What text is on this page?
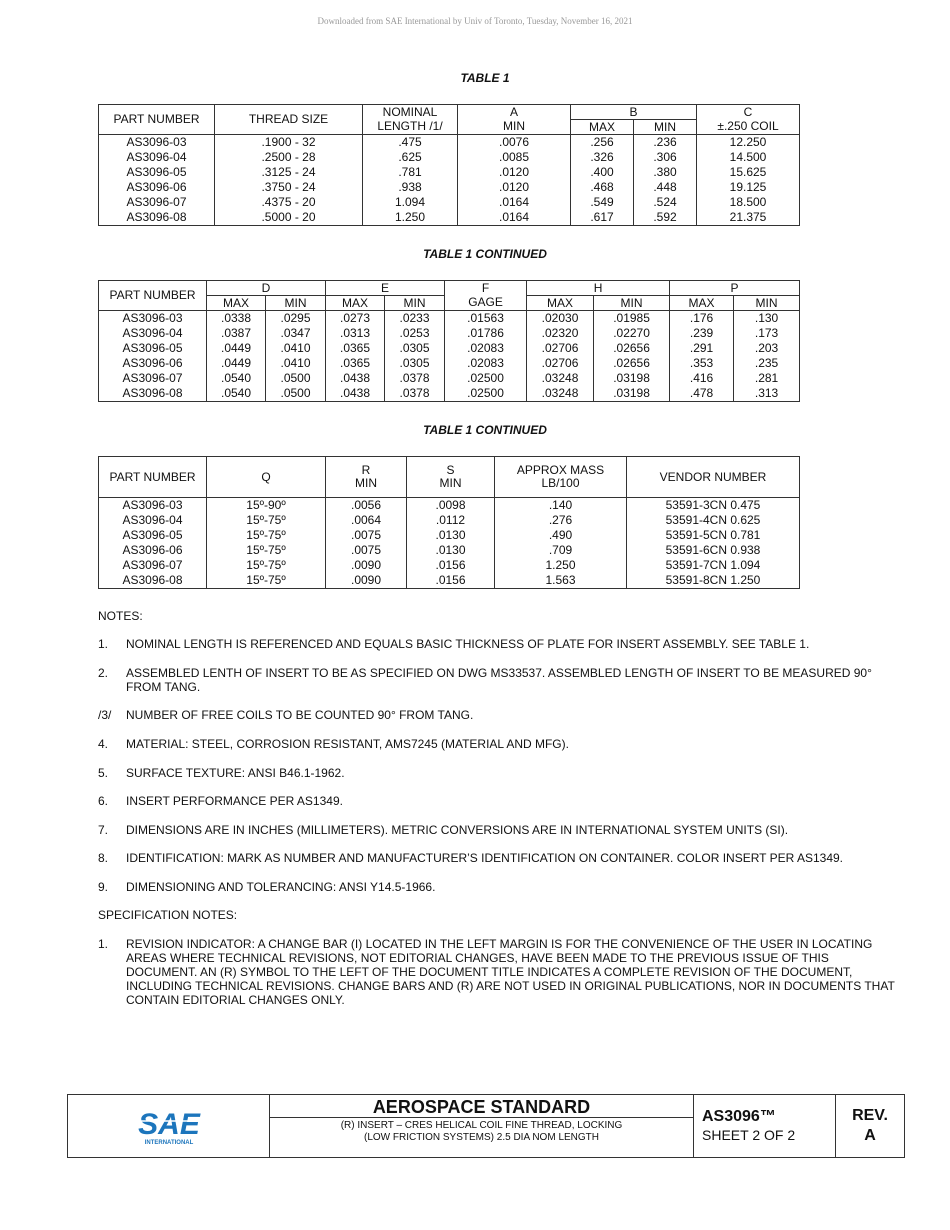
Downloaded from SAE International by Univ of Toronto, Tuesday, November 16, 2021
TABLE 1
PART NUMBER	THREAD SIZE	NOMINAL	A	B		C
		LENGTH /1/	MIN	MAX	MIN	±.250 COIL
AS3096-03	.1900 - 32	.475	.0076	.256	.236	12.250
AS3096-04	.2500 - 28	.625	.0085	.326	.306	14.500
AS3096-05	.3125 - 24	.781	.0120	.400	.380	15.625
AS3096-06	.3750 - 24	.938	.0120	.468	.448	19.125
AS3096-07	.4375 - 20	1.094	.0164	.549	.524	18.500
AS3096-08	.5000 - 20	1.250	.0164	.617	.592	21.375
TABLE 1 CONTINUED
PART NUMBER	D		E		F	H		P	
	MAX	MIN	MAX	MIN	GAGE	MAX	MIN	MAX	MIN
AS3096-03	.0338	.0295	.0273	.0233	.01563	.02030	.01985	.176	.130
AS3096-04	.0387	.0347	.0313	.0253	.01786	.02320	.02270	.239	.173
AS3096-05	.0449	.0410	.0365	.0305	.02083	.02706	.02656	.291	.203
AS3096-06	.0449	.0410	.0365	.0305	.02083	.02706	.02656	.353	.235
AS3096-07	.0540	.0500	.0438	.0378	.02500	.03248	.03198	.416	.281
AS3096-08	.0540	.0500	.0438	.0378	.02500	.03248	.03198	.478	.313
TABLE 1 CONTINUED
PART NUMBER	Q	R	S	APPROX MASS	VENDOR NUMBER
		MIN	MIN	LB/100	
AS3096-03	15º-90º	.0056	.0098	.140	53591-3CN 0.475
AS3096-04	15º-75º	.0064	.0112	.276	53591-4CN 0.625
AS3096-05	15º-75º	.0075	.0130	.490	53591-5CN 0.781
AS3096-06	15º-75º	.0075	.0130	.709	53591-6CN 0.938
AS3096-07	15º-75º	.0090	.0156	1.250	53591-7CN 1.094
AS3096-08	15º-75º	.0090	.0156	1.563	53591-8CN 1.250
NOTES:
1.	NOMINAL LENGTH IS REFERENCED AND EQUALS BASIC THICKNESS OF PLATE FOR INSERT ASSEMBLY. SEE TABLE 1.
2.	ASSEMBLED LENTH OF INSERT TO BE AS SPECIFIED ON DWG MS33537. ASSEMBLED LENGTH OF INSERT TO BE MEASURED 90° FROM TANG.
/3/	NUMBER OF FREE COILS TO BE COUNTED 90° FROM TANG.
4.	MATERIAL: STEEL, CORROSION RESISTANT, AMS7245 (MATERIAL AND MFG).
5.	SURFACE TEXTURE: ANSI B46.1-1962.
6.	INSERT PERFORMANCE PER AS1349.
7.	DIMENSIONS ARE IN INCHES (MILLIMETERS). METRIC CONVERSIONS ARE IN INTERNATIONAL SYSTEM UNITS (SI).
8.	IDENTIFICATION: MARK AS NUMBER AND MANUFACTURER’S IDENTIFICATION ON CONTAINER. COLOR INSERT PER AS1349.
9.	DIMENSIONING AND TOLERANCING: ANSI Y14.5-1966.
SPECIFICATION NOTES:
1.	REVISION INDICATOR: A CHANGE BAR (I) LOCATED IN THE LEFT MARGIN IS FOR THE CONVENIENCE OF THE USER IN LOCATING AREAS WHERE TECHNICAL REVISIONS, NOT EDITORIAL CHANGES, HAVE BEEN MADE TO THE PREVIOUS ISSUE OF THIS DOCUMENT. AN (R) SYMBOL TO THE LEFT OF THE DOCUMENT TITLE INDICATES A COMPLETE REVISION OF THE DOCUMENT, INCLUDING TECHNICAL REVISIONS. CHANGE BARS AND (R) ARE NOT USED IN ORIGINAL PUBLICATIONS, NOR IN DOCUMENTS THAT CONTAIN EDITORIAL CHANGES ONLY.
SAE
INTERNATIONAL
AEROSPACE STANDARD
(R) INSERT – CRES HELICAL COIL FINE THREAD, LOCKING
(LOW FRICTION SYSTEMS) 2.5 DIA NOM LENGTH
AS3096™
SHEET 2 OF 2
REV.
A
